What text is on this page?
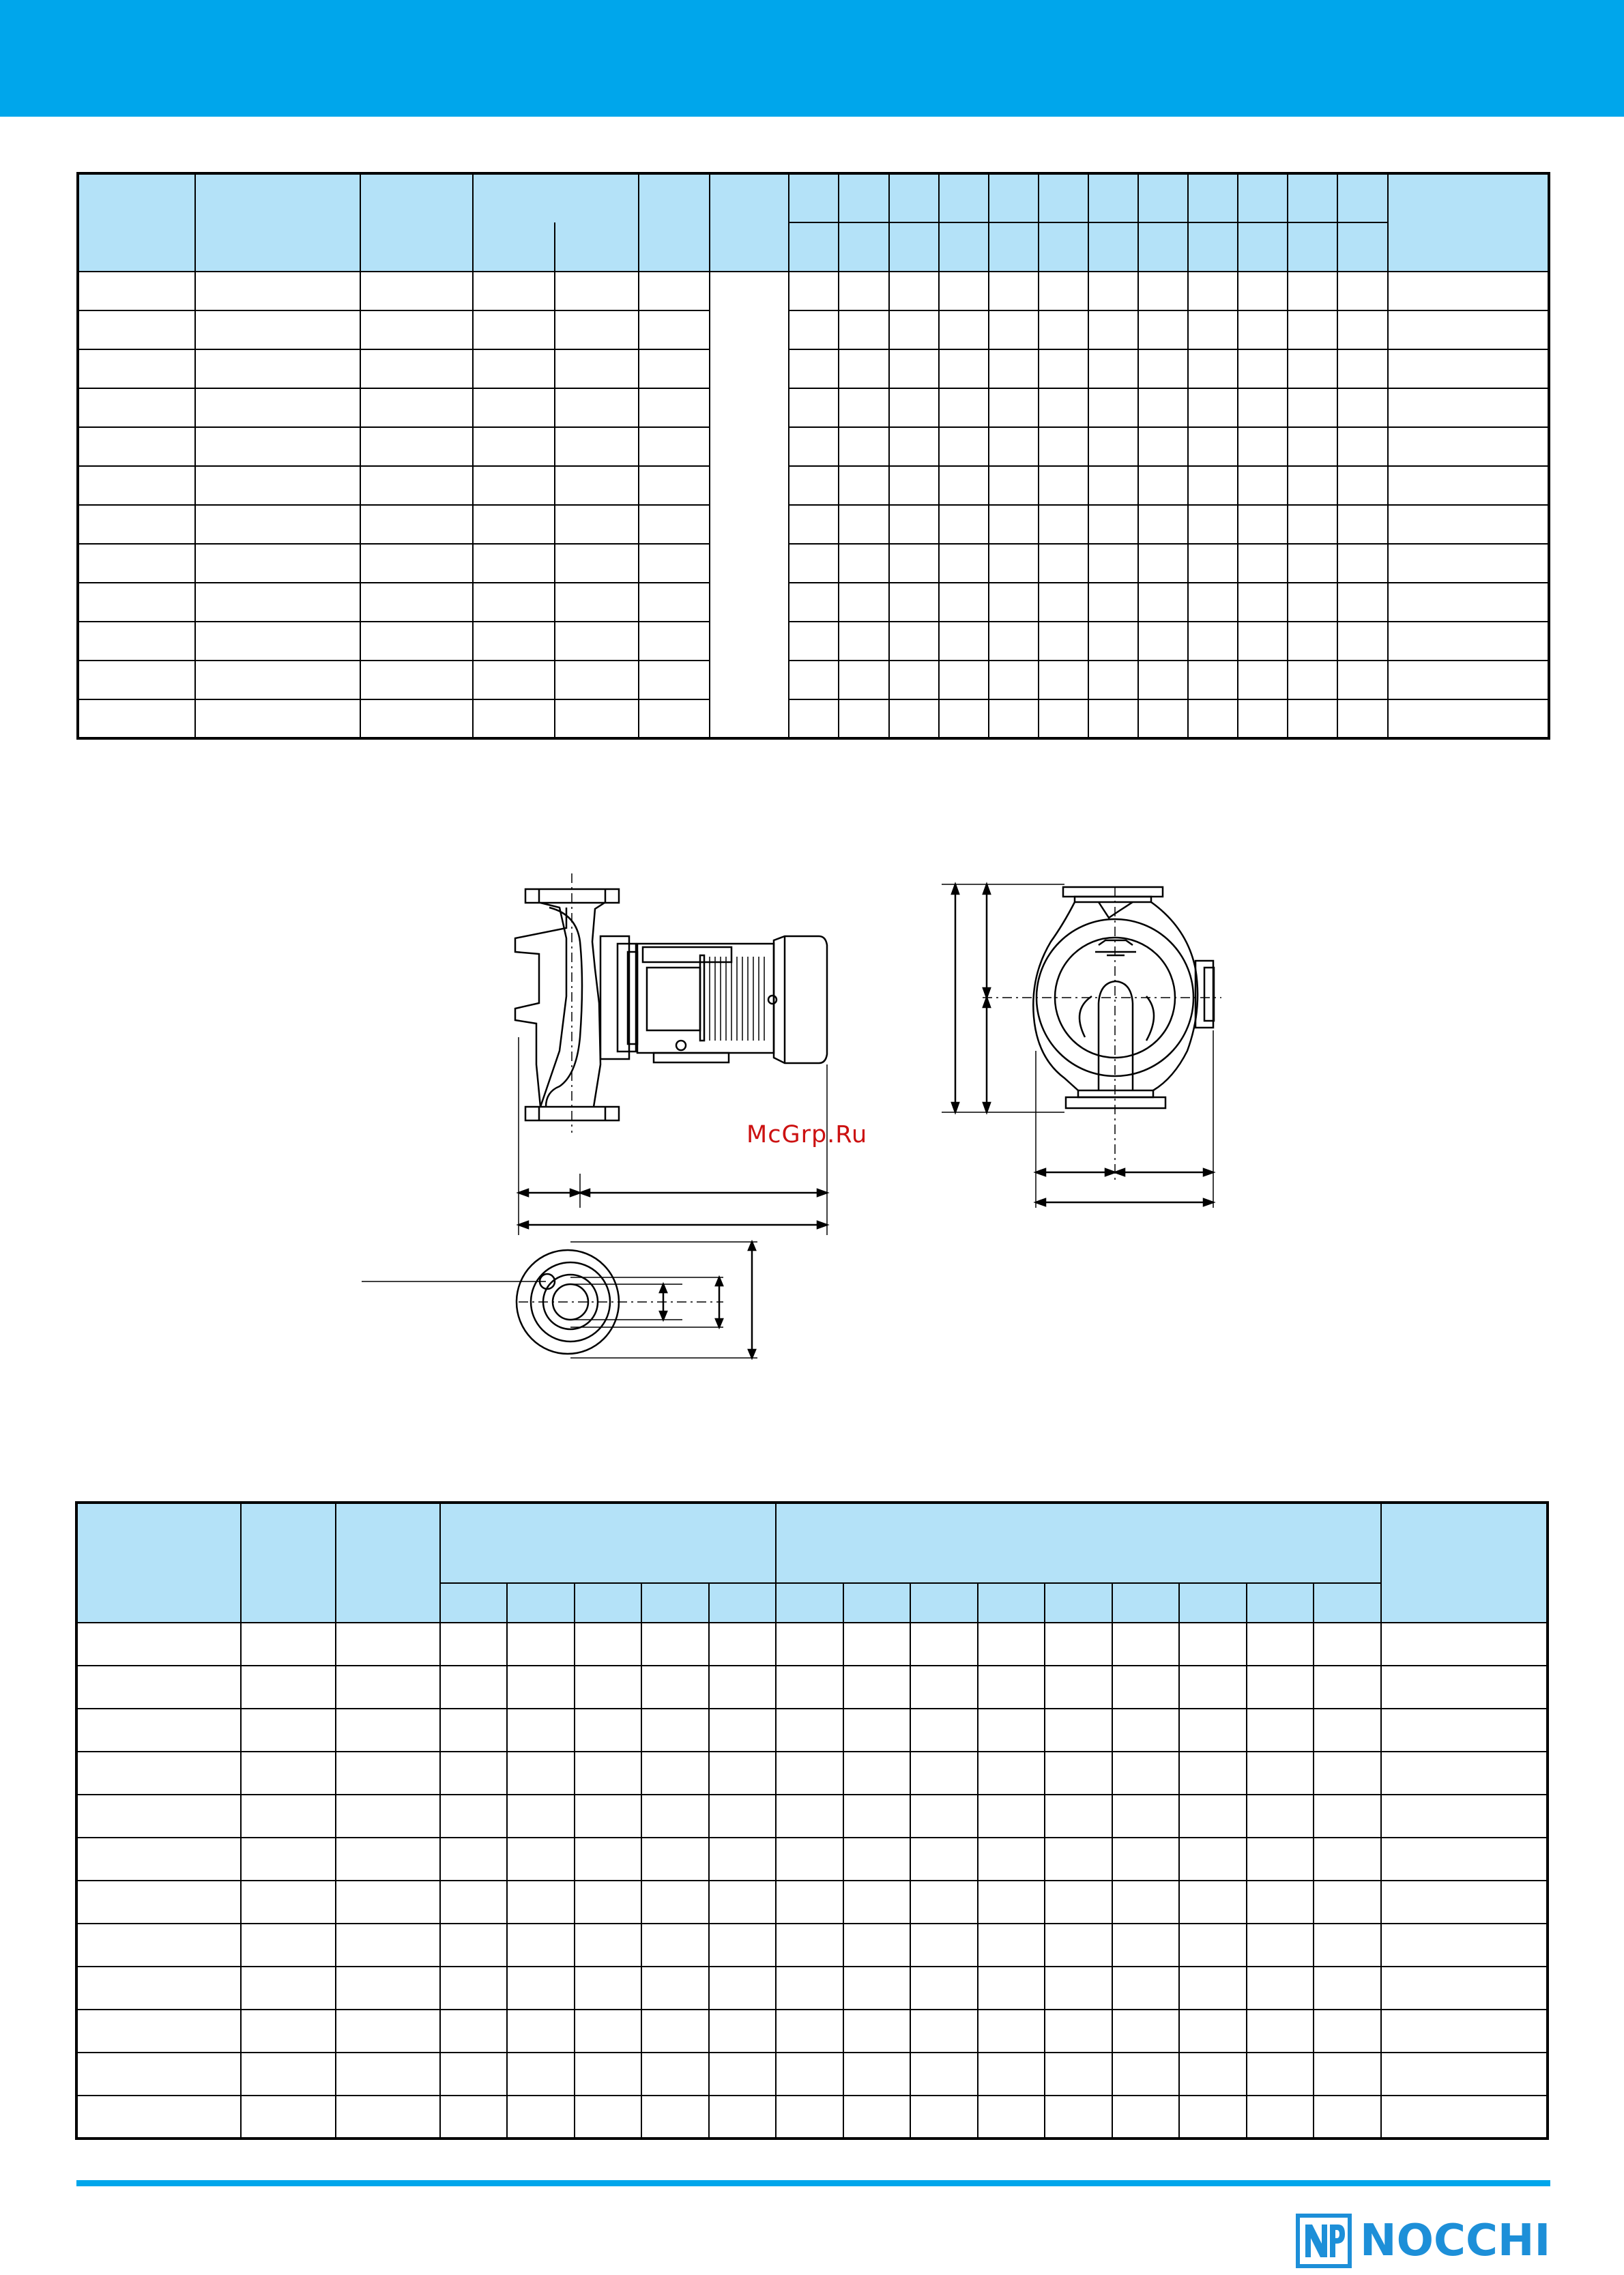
McGrp.Ru

NOCCHI
